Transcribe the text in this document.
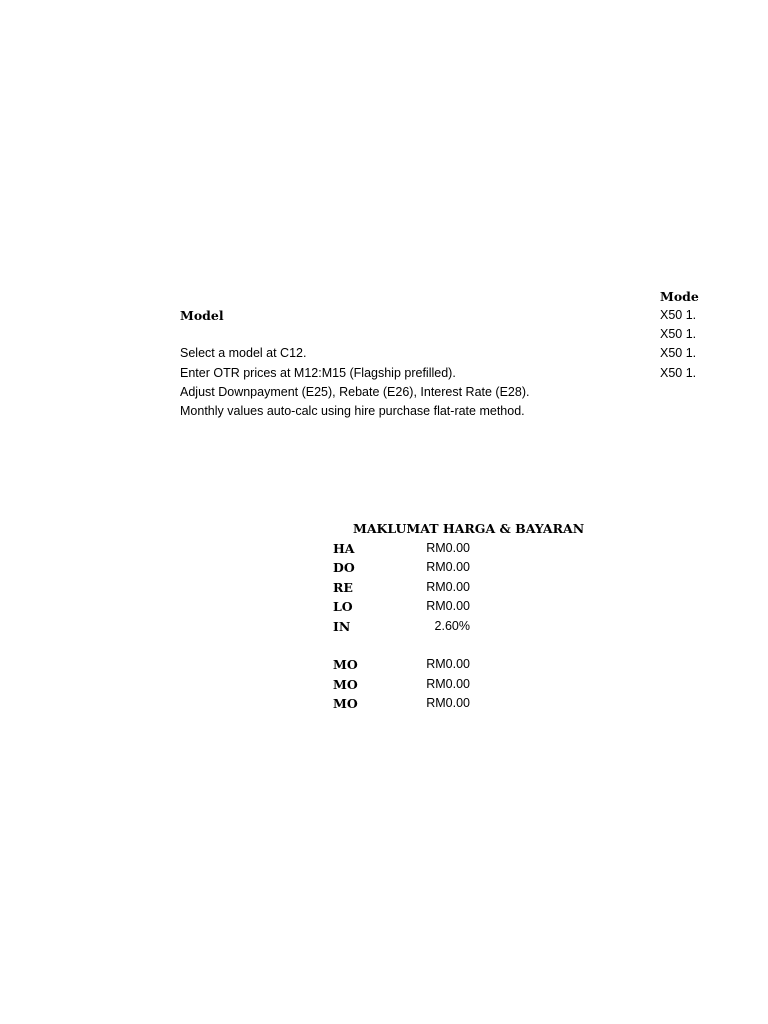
Mode
X50 1.
X50 1.
X50 1.
X50 1.
Model
Select a model at C12.
Enter OTR prices at M12:M15 (Flagship prefilled).
Adjust Downpayment (E25), Rebate (E26), Interest Rate (E28).
Monthly values auto-calc using hire purchase flat-rate method.
MAKLUMAT HARGA & BAYARAN
HA	RM0.00
DO	RM0.00
RE	RM0.00
LO	RM0.00
IN	2.60%
MO	RM0.00
MO	RM0.00
MO	RM0.00
